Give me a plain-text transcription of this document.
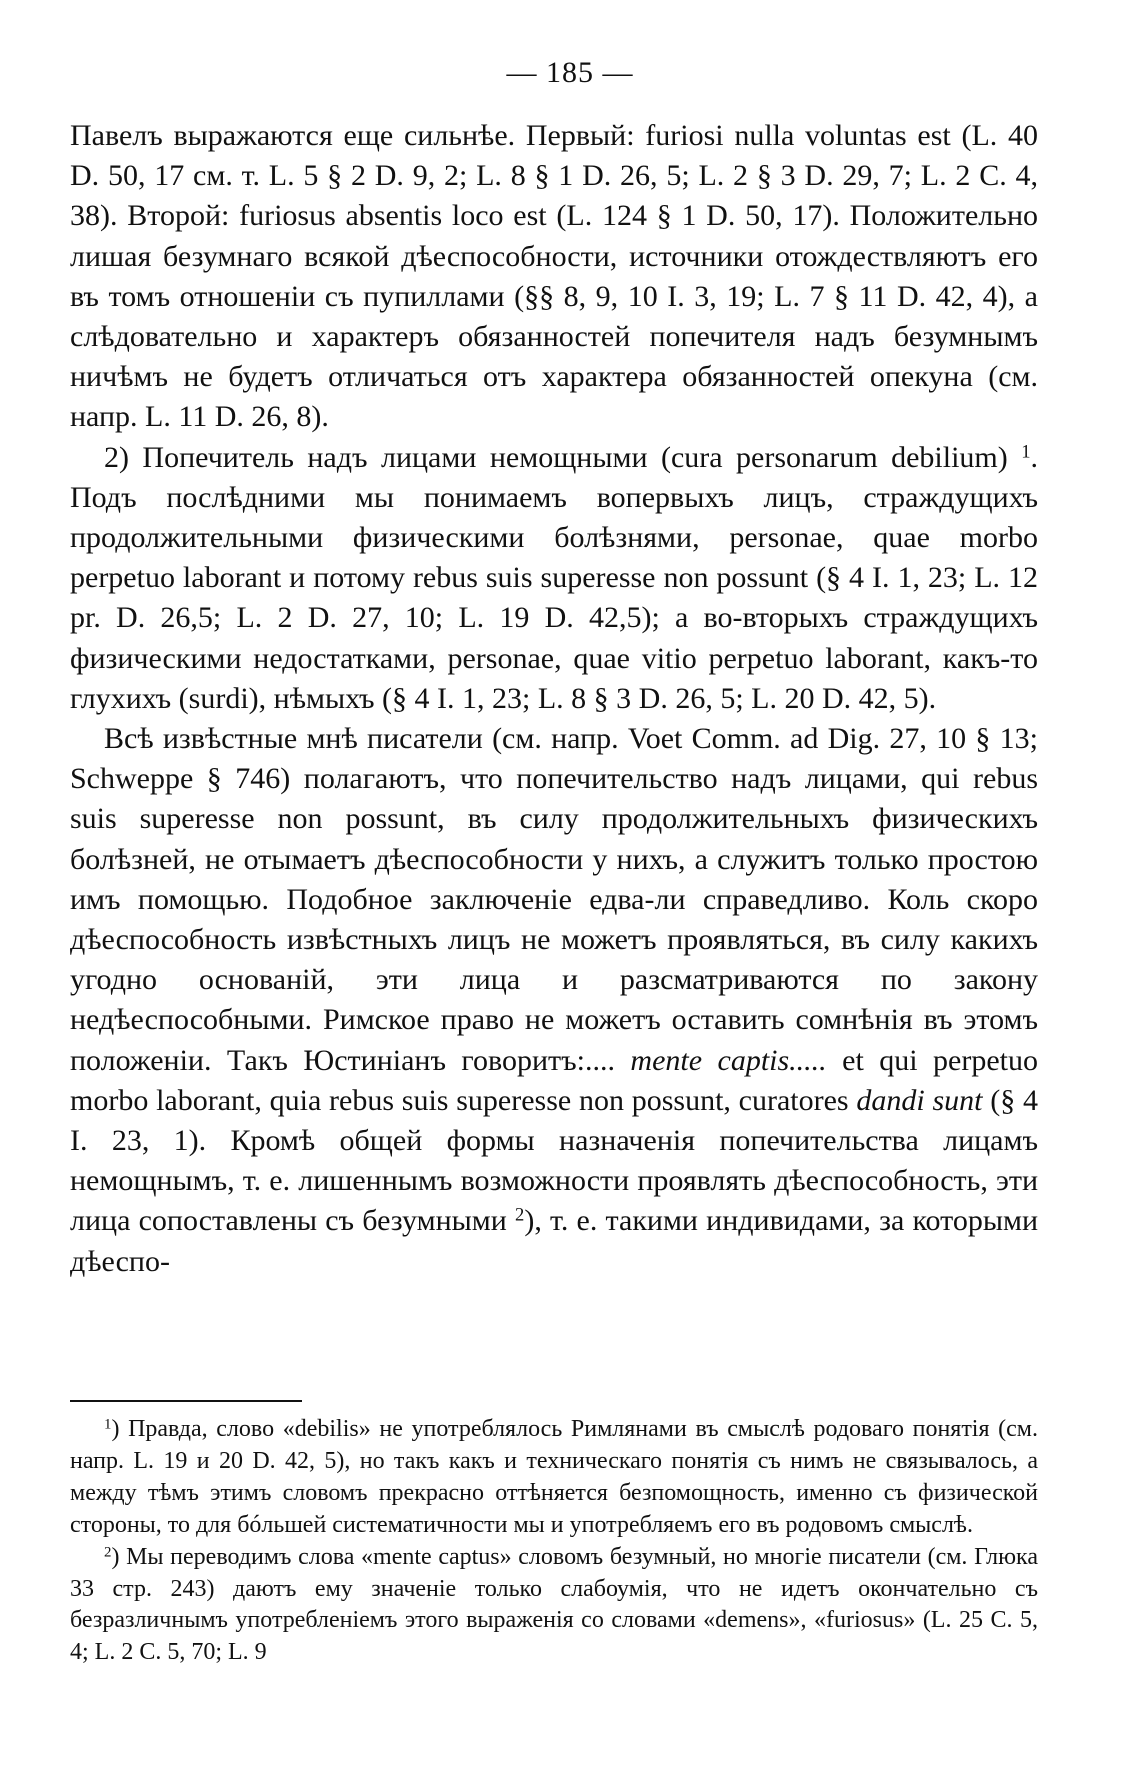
— 185 —

Павелъ выражаются еще сильнѣе. Первый: furiosi nulla voluntas est (L. 40 D. 50, 17 см. т. L. 5 § 2 D. 9, 2; L. 8 § 1 D. 26, 5; L. 2 § 3 D. 29, 7; L. 2 C. 4, 38). Второй: furiosus absentis loco est (L. 124 § 1 D. 50, 17). Положительно лишая безумнаго всякой дѣеспособности, источники отождествляютъ его въ томъ отношеніи съ пупиллами (§§ 8, 9, 10 I. 3, 19; L. 7 § 11 D. 42, 4), а слѣдовательно и характеръ обязанностей попечителя надъ безумнымъ ничѣмъ не будетъ отличаться отъ характера обязанностей опекуна (см. напр. L. 11 D. 26, 8).

2) Попечитель надъ лицами немощными (cura personarum debilium) $^1$. Подъ послѣдними мы понимаемъ вопервыхъ лицъ, страждущихъ продолжительными физическими болѣзнями, personae, quae morbo perpetuo laborant и потому rebus suis superesse non possunt (§ 4 I. 1, 23; L. 12 pr. D. 26,5; L. 2 D. 27, 10; L. 19 D. 42,5); а во-вторыхъ страждущихъ физическими недостатками, personae, quae vitio perpetuo laborant, какъ-то глухихъ (surdi), нѣмыхъ (§ 4 I. 1, 23; L. 8 § 3 D. 26, 5; L. 20 D. 42, 5).

Всѣ извѣстные мнѣ писатели (см. напр. Voet Comm. ad Dig. 27, 10 § 13; Schweppe § 746) полагаютъ, что попечительство надъ лицами, qui rebus suis superesse non possunt, въ силу продолжительныхъ физическихъ болѣзней, не отымаетъ дѣеспособности у нихъ, а служитъ только простою имъ помощью. Подобное заключеніе едва-ли справедливо. Коль скоро дѣеспособность извѣстныхъ лицъ не можетъ проявляться, въ силу какихъ угодно основаній, эти лица и разсматриваются по закону недѣеспособными. Римское право не можетъ оставить сомнѣнія въ этомъ положеніи. Такъ Юстиніанъ говоритъ:.... mente captis..... et qui perpetuo morbo laborant, quia rebus suis superesse non possunt, curatores dandi sunt (§ 4 I. 23, 1). Кромѣ общей формы назначенія попечительства лицамъ немощнымъ, т. е. лишеннымъ возможности проявлять дѣеспособность, эти лица сопоставлены съ безумными $^2$), т. е. такими индивидами, за которыми дѣеспо-

$^1$) Правда, слово «debilis» не употреблялось Римлянами въ смыслѣ родоваго понятія (см. напр. L. 19 и 20 D. 42, 5), но такъ какъ и техническаго понятія съ нимъ не связывалось, а между тѣмъ этимъ словомъ прекрасно оттѣняется безпомощность, именно съ физической стороны, то для бóльшей систематичности мы и употребляемъ его въ родовомъ смыслѣ.

$^2$) Мы переводимъ слова «mente captus» словомъ безумный, но многіе писатели (см. Глюка 33 стр. 243) даютъ ему значеніе только слабоумія, что не идетъ окончательно съ безразличнымъ употребленіемъ этого выраженія со словами «demens», «furiosus» (L. 25 C. 5, 4; L. 2 C. 5, 70; L. 9
